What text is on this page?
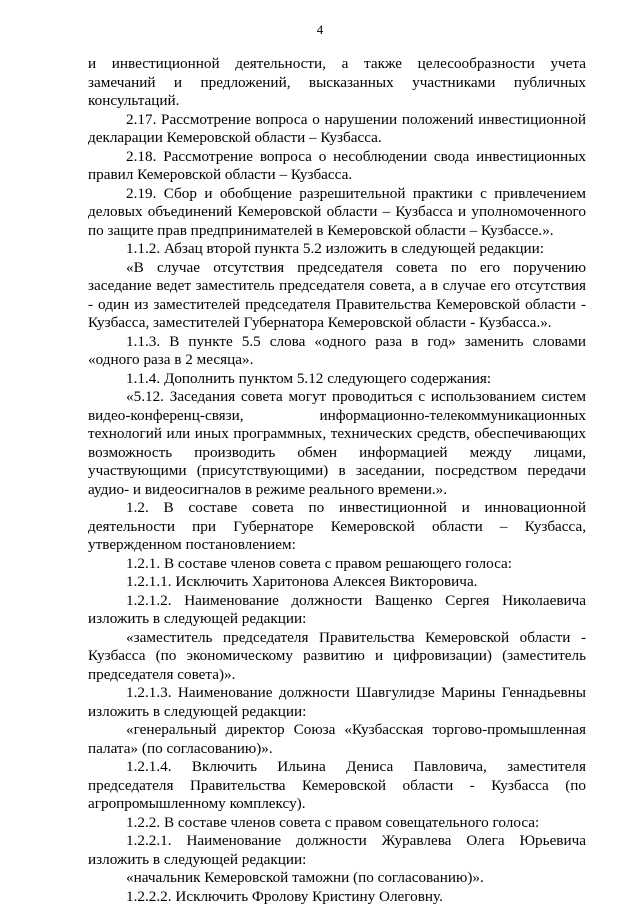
4

и инвестиционной деятельности, а также целесообразности учета замечаний и предложений, высказанных участниками публичных консультаций.

2.17. Рассмотрение вопроса о нарушении положений инвестиционной декларации Кемеровской области – Кузбасса.

2.18. Рассмотрение вопроса о несоблюдении свода инвестиционных правил Кемеровской области – Кузбасса.

2.19. Сбор и обобщение разрешительной практики с привлечением деловых объединений Кемеровской области – Кузбасса и уполномоченного по защите прав предпринимателей в Кемеровской области – Кузбассе.».

1.1.2. Абзац второй пункта 5.2 изложить в следующей редакции:

«В случае отсутствия председателя совета по его поручению заседание ведет заместитель председателя совета, а в случае его отсутствия - один из заместителей председателя Правительства Кемеровской области - Кузбасса, заместителей Губернатора Кемеровской области - Кузбасса.».

1.1.3. В пункте 5.5 слова «одного раза в год» заменить словами «одного раза в 2 месяца».

1.1.4. Дополнить пунктом 5.12 следующего содержания:

«5.12. Заседания совета могут проводиться с использованием систем видео-конференц-связи, информационно-телекоммуникационных технологий или иных программных, технических средств, обеспечивающих возможность производить обмен информацией между лицами, участвующими (присутствующими) в заседании, посредством передачи аудио- и видеосигналов в режиме реального времени.».

1.2. В составе совета по инвестиционной и инновационной деятельности при Губернаторе Кемеровской области – Кузбасса, утвержденном постановлением:

1.2.1. В составе членов совета с правом решающего голоса:

1.2.1.1. Исключить Харитонова Алексея Викторовича.

1.2.1.2. Наименование должности Ващенко Сергея Николаевича изложить в следующей редакции:

«заместитель председателя Правительства Кемеровской области - Кузбасса (по экономическому развитию и цифровизации) (заместитель председателя совета)».

1.2.1.3. Наименование должности Шавгулидзе Марины Геннадьевны изложить в следующей редакции:

«генеральный директор Союза «Кузбасская торгово-промышленная палата» (по согласованию)».

1.2.1.4. Включить Ильина Дениса Павловича, заместителя председателя Правительства Кемеровской области - Кузбасса (по агропромышленному комплексу).

1.2.2. В составе членов совета с правом совещательного голоса:

1.2.2.1. Наименование должности Журавлева Олега Юрьевича изложить в следующей редакции:

«начальник Кемеровской таможни (по согласованию)».

1.2.2.2. Исключить Фролову Кристину Олеговну.
